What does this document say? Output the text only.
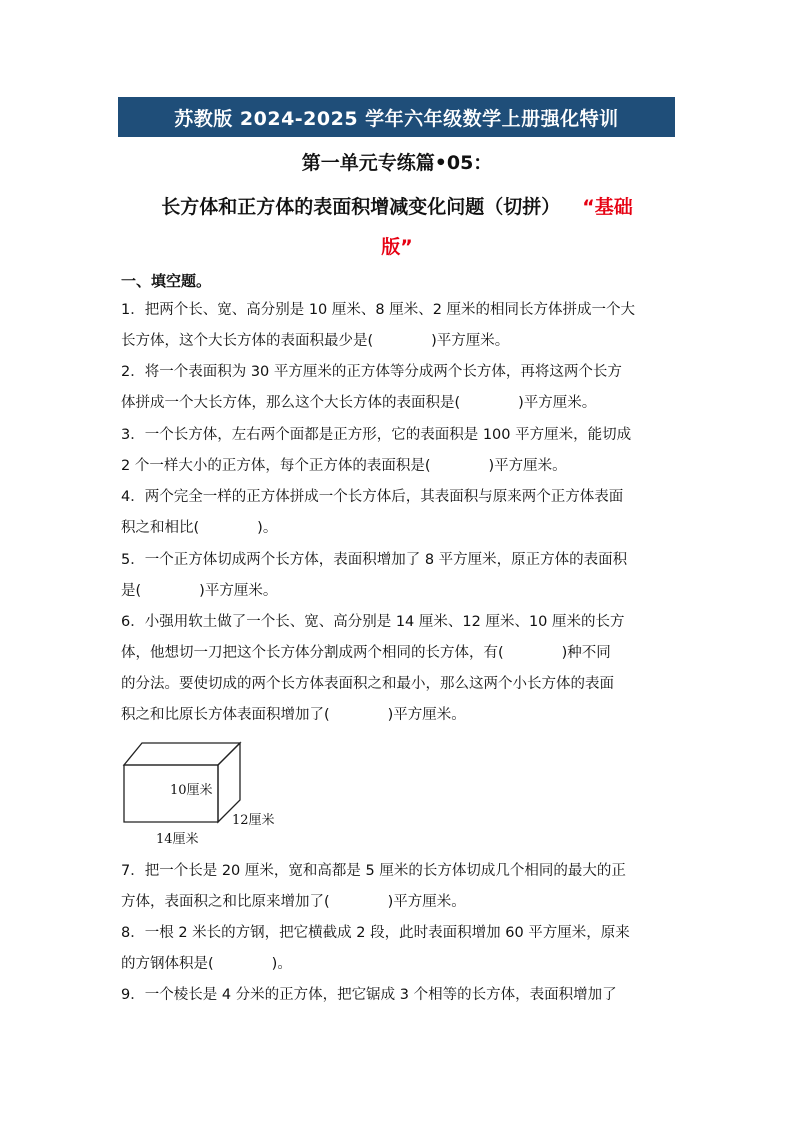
苏教版 2024-2025 学年六年级数学上册强化特训
第一单元专练篇•05：
长方体和正方体的表面积增减变化问题（切拼） “基础
版”
一、填空题。

1．把两个长、宽、高分别是 10 厘米、8 厘米、2 厘米的相同长方体拼成一个大
长方体，这个大长方体的表面积最少是(　　　　)平方厘米。

2．将一个表面积为 30 平方厘米的正方体等分成两个长方体，再将这两个长方
体拼成一个大长方体，那么这个大长方体的表面积是(　　　　)平方厘米。

3．一个长方体，左右两个面都是正方形，它的表面积是 100 平方厘米，能切成
2 个一样大小的正方体，每个正方体的表面积是(　　　　)平方厘米。

4．两个完全一样的正方体拼成一个长方体后，其表面积与原来两个正方体表面
积之和相比(　　　　)。

5．一个正方体切成两个长方体，表面积增加了 8 平方厘米，原正方体的表面积
是(　　　　)平方厘米。

6．小强用软土做了一个长、宽、高分别是 14 厘米、12 厘米、10 厘米的长方
体，他想切一刀把这个长方体分割成两个相同的长方体，有(　　　　)种不同
的分法。要使切成的两个长方体表面积之和最小，那么这两个小长方体的表面
积之和比原长方体表面积增加了(　　　　)平方厘米。

10厘米
12厘米
14厘米

7．把一个长是 20 厘米，宽和高都是 5 厘米的长方体切成几个相同的最大的正
方体，表面积之和比原来增加了(　　　　)平方厘米。

8．一根 2 米长的方钢，把它横截成 2 段，此时表面积增加 60 平方厘米，原来
的方钢体积是(　　　　)。

9．一个棱长是 4 分米的正方体，把它锯成 3 个相等的长方体，表面积增加了
